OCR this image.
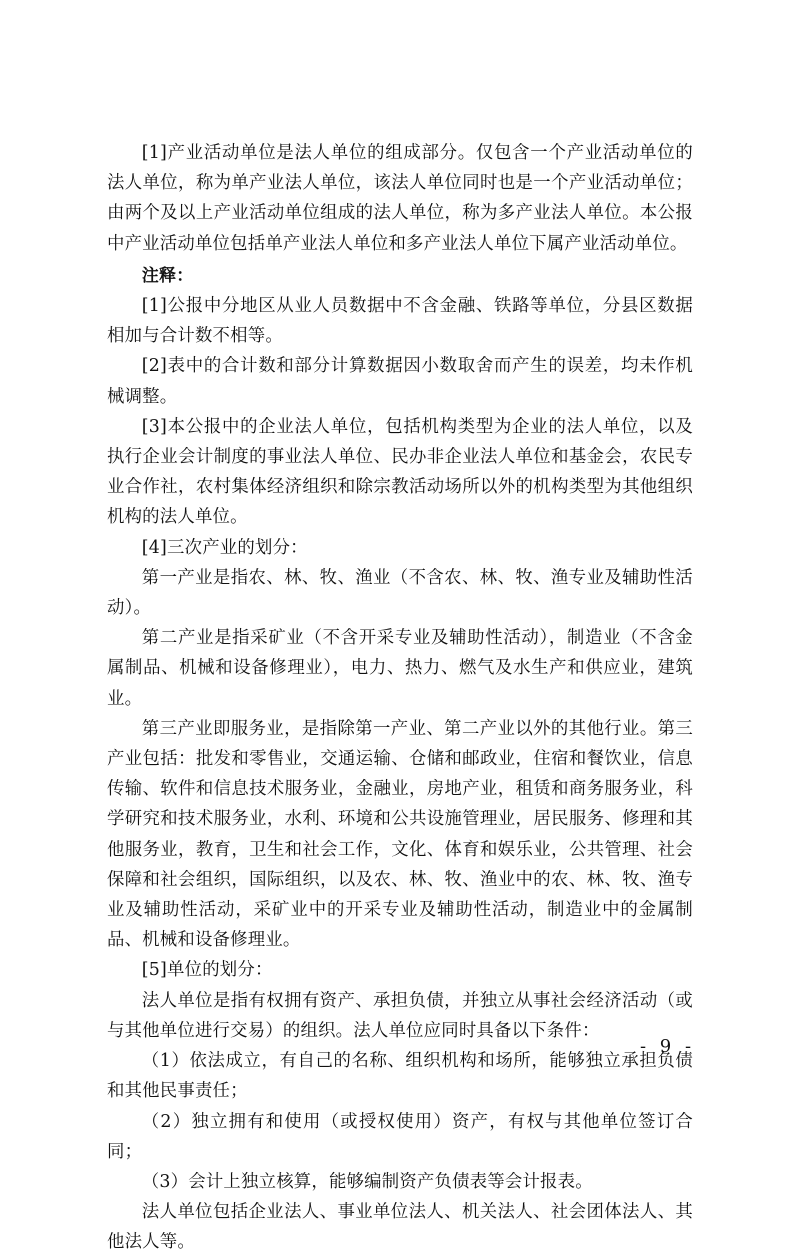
[1]产业活动单位是法人单位的组成部分。仅包含一个产业活动单位的法人单位，称为单产业法人单位，该法人单位同时也是一个产业活动单位；由两个及以上产业活动单位组成的法人单位，称为多产业法人单位。本公报中产业活动单位包括单产业法人单位和多产业法人单位下属产业活动单位。

注释：

[1]公报中分地区从业人员数据中不含金融、铁路等单位，分县区数据相加与合计数不相等。

[2]表中的合计数和部分计算数据因小数取舍而产生的误差，均未作机械调整。

[3]本公报中的企业法人单位，包括机构类型为企业的法人单位，以及执行企业会计制度的事业法人单位、民办非企业法人单位和基金会，农民专业合作社，农村集体经济组织和除宗教活动场所以外的机构类型为其他组织机构的法人单位。

[4]三次产业的划分：

第一产业是指农、林、牧、渔业（不含农、林、牧、渔专业及辅助性活动）。

第二产业是指采矿业（不含开采专业及辅助性活动），制造业（不含金属制品、机械和设备修理业），电力、热力、燃气及水生产和供应业，建筑业。

第三产业即服务业，是指除第一产业、第二产业以外的其他行业。第三产业包括：批发和零售业，交通运输、仓储和邮政业，住宿和餐饮业，信息传输、软件和信息技术服务业，金融业，房地产业，租赁和商务服务业，科学研究和技术服务业，水利、环境和公共设施管理业，居民服务、修理和其他服务业，教育，卫生和社会工作，文化、体育和娱乐业，公共管理、社会保障和社会组织，国际组织，以及农、林、牧、渔业中的农、林、牧、渔专业及辅助性活动，采矿业中的开采专业及辅助性活动，制造业中的金属制品、机械和设备修理业。

[5]单位的划分：

法人单位是指有权拥有资产、承担负债，并独立从事社会经济活动（或与其他单位进行交易）的组织。法人单位应同时具备以下条件：

（1）依法成立，有自己的名称、组织机构和场所，能够独立承担负债和其他民事责任；

（2）独立拥有和使用（或授权使用）资产，有权与其他单位签订合同；

（3）会计上独立核算，能够编制资产负债表等会计报表。

法人单位包括企业法人、事业单位法人、机关法人、社会团体法人、其他法人等。

- 9 -
